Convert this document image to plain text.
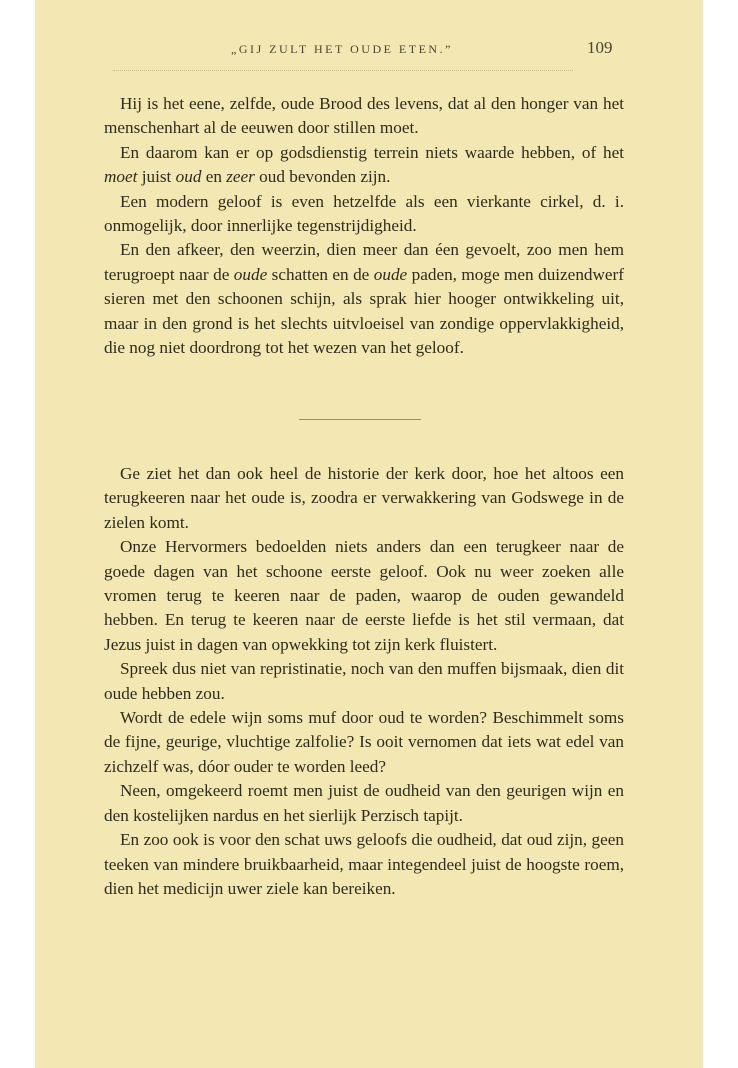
„GIJ ZULT HET OUDE ETEN.”	109

Hij is het eene, zelfde, oude Brood des levens, dat al den honger van het menschenhart al de eeuwen door stillen moet.

En daarom kan er op godsdienstig terrein niets waarde hebben, of het moet juist oud en zeer oud bevonden zijn.

Een modern geloof is even hetzelfde als een vierkante cirkel, d. i. onmogelijk, door innerlijke tegenstrijdigheid.

En den afkeer, den weerzin, dien meer dan éen gevoelt, zoo men hem terugroept naar de oude schatten en de oude paden, moge men duizendwerf sieren met den schoonen schijn, als sprak hier hooger ontwikkeling uit, maar in den grond is het slechts uitvloeisel van zondige oppervlakkigheid, die nog niet doordrong tot het wezen van het geloof.

Ge ziet het dan ook heel de historie der kerk door, hoe het altoos een terugkeeren naar het oude is, zoodra er verwakkering van Godswege in de zielen komt.

Onze Hervormers bedoelden niets anders dan een terugkeer naar de goede dagen van het schoone eerste geloof. Ook nu weer zoeken alle vromen terug te keeren naar de paden, waarop de ouden gewandeld hebben. En terug te keeren naar de eerste liefde is het stil vermaan, dat Jezus juist in dagen van opwekking tot zijn kerk fluistert.

Spreek dus niet van repristinatie, noch van den muffen bijsmaak, dien dit oude hebben zou.

Wordt de edele wijn soms muf door oud te worden? Beschimmelt soms de fijne, geurige, vluchtige zalfolie? Is ooit vernomen dat iets wat edel van zichzelf was, dóor ouder te worden leed?

Neen, omgekeerd roemt men juist de oudheid van den geurigen wijn en den kostelijken nardus en het sierlijk Perzisch tapijt.

En zoo ook is voor den schat uws geloofs die oudheid, dat oud zijn, geen teeken van mindere bruikbaarheid, maar integendeel juist de hoogste roem, dien het medicijn uwer ziele kan bereiken.
